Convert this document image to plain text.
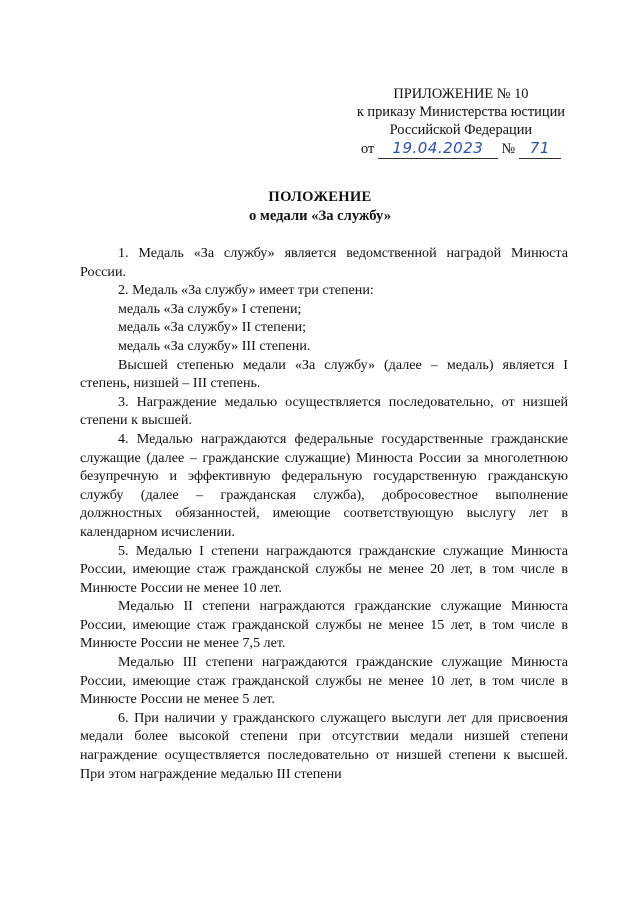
ПРИЛОЖЕНИЕ № 10
к приказу Министерства юстиции
Российской Федерации
от 19.04.2023 № 71
ПОЛОЖЕНИЕ
о медали «За службу»

1. Медаль «За службу» является ведомственной наградой Минюста России.

2. Медаль «За службу» имеет три степени:

медаль «За службу» I степени;

медаль «За службу» II степени;

медаль «За службу» III степени.

Высшей степенью медали «За службу» (далее – медаль) является I степень, низшей – III степень.

3. Награждение медалью осуществляется последовательно, от низшей степени к высшей.

4. Медалью награждаются федеральные государственные гражданские служащие (далее – гражданские служащие) Минюста России за многолетнюю безупречную и эффективную федеральную государственную гражданскую службу (далее – гражданская служба), добросовестное выполнение должностных обязанностей, имеющие соответствующую выслугу лет в календарном исчислении.

5. Медалью I степени награждаются гражданские служащие Минюста России, имеющие стаж гражданской службы не менее 20 лет, в том числе в Минюсте России не менее 10 лет.

Медалью II степени награждаются гражданские служащие Минюста России, имеющие стаж гражданской службы не менее 15 лет, в том числе в Минюсте России не менее 7,5 лет.

Медалью III степени награждаются гражданские служащие Минюста России, имеющие стаж гражданской службы не менее 10 лет, в том числе в Минюсте России не менее 5 лет.

6. При наличии у гражданского служащего выслуги лет для присвоения медали более высокой степени при отсутствии медали низшей степени награждение осуществляется последовательно от низшей степени к высшей. При этом награждение медалью III степени
